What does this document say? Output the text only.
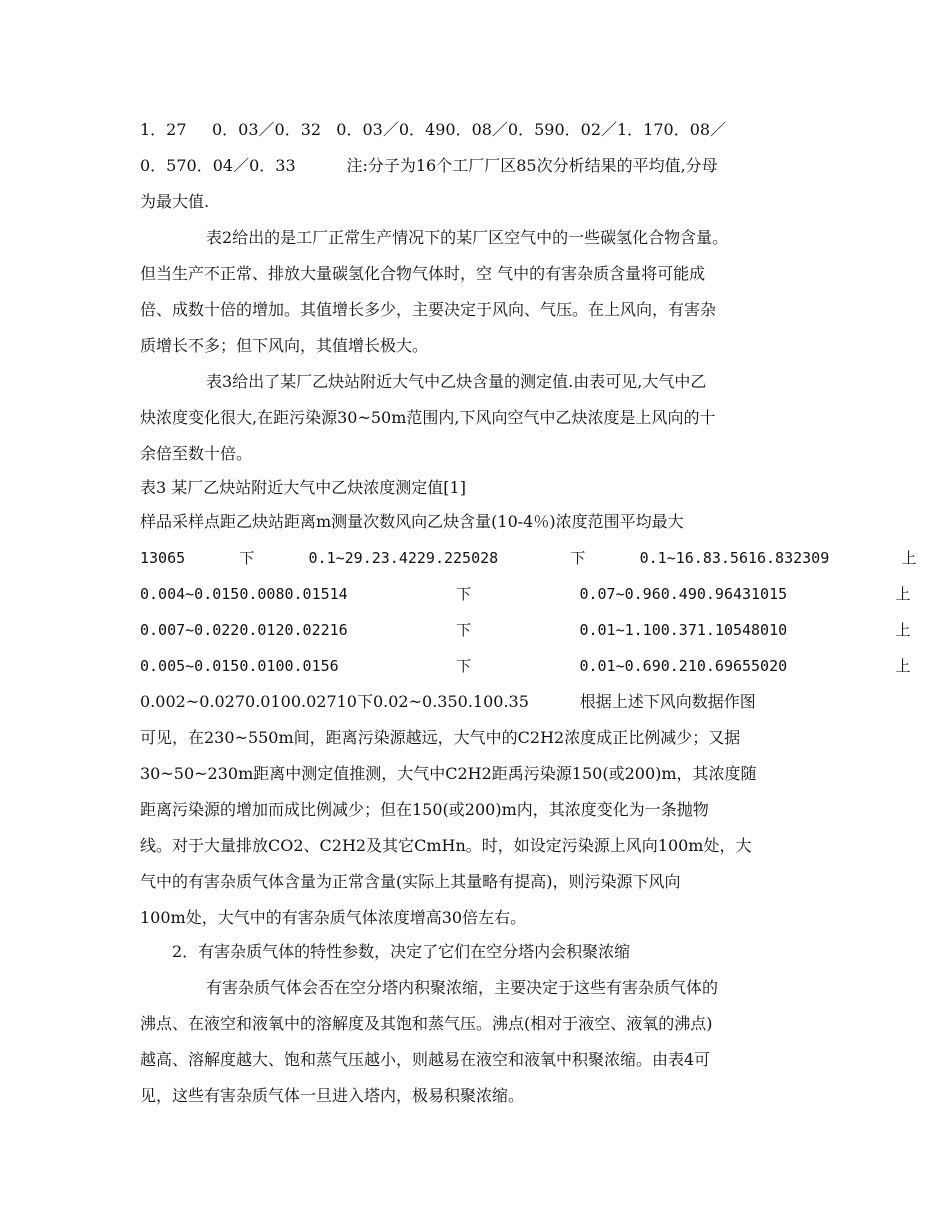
1．27     0．03／0．32   0．03／0．490．08／0．590．02／1．170．08／
0．570．04／0．33          注:分子为16个工厂厂区85次分析结果的平均值,分母
为最大值.
表2给出的是工厂正常生产情况下的某厂区空气中的一些碳氢化合物含量。
但当生产不正常、排放大量碳氢化合物气体时，空 气中的有害杂质含量将可能成
倍、成数十倍的增加。其值增长多少，主要决定于风向、气压。在上风向，有害杂
质增长不多；但下风向，其值增长极大。
表3给出了某厂乙炔站附近大气中乙炔含量的测定值.由表可见,大气中乙
炔浓度变化很大,在距污染源30~50m范围内,下风向空气中乙炔浓度是上风向的十
余倍至数十倍。
表3 某厂乙炔站附近大气中乙炔浓度测定值[1]
样品采样点距乙炔站距离m测量次数风向乙炔含量(10-4％)浓度范围平均最大
13065      下      0.1~29.23.4229.225028        下      0.1~16.83.5616.832309        上
0.004~0.0150.0080.01514            下            0.07~0.960.490.96431015            上
0.007~0.0220.0120.02216            下            0.01~1.100.371.10548010            上
0.005~0.0150.0100.0156             下            0.01~0.690.210.69655020            上
0.002~0.0270.0100.02710下0.02~0.350.100.35          根据上述下风向数据作图
可见，在230~550m间，距离污染源越远，大气中的C2H2浓度成正比例减少；又据
30~50~230m距离中测定值推测，大气中C2H2距禹污染源150(或200)m，其浓度随
距离污染源的增加而成比例减少；但在150(或200)m内，其浓度变化为一条抛物
线。对于大量排放CO2、C2H2及其它CmHn。时，如设定污染源上风向100m处，大
气中的有害杂质气体含量为正常含量(实际上其量略有提高)，则污染源下风向
100m处，大气中的有害杂质气体浓度增高30倍左右。
2．有害杂质气体的特性参数，决定了它们在空分塔内会积聚浓缩
有害杂质气体会否在空分塔内积聚浓缩，主要决定于这些有害杂质气体的
沸点、在液空和液氧中的溶解度及其饱和蒸气压。沸点(相对于液空、液氧的沸点)
越高、溶解度越大、饱和蒸气压越小，则越易在液空和液氧中积聚浓缩。由表4可
见，这些有害杂质气体一旦进入塔内，极易积聚浓缩。
